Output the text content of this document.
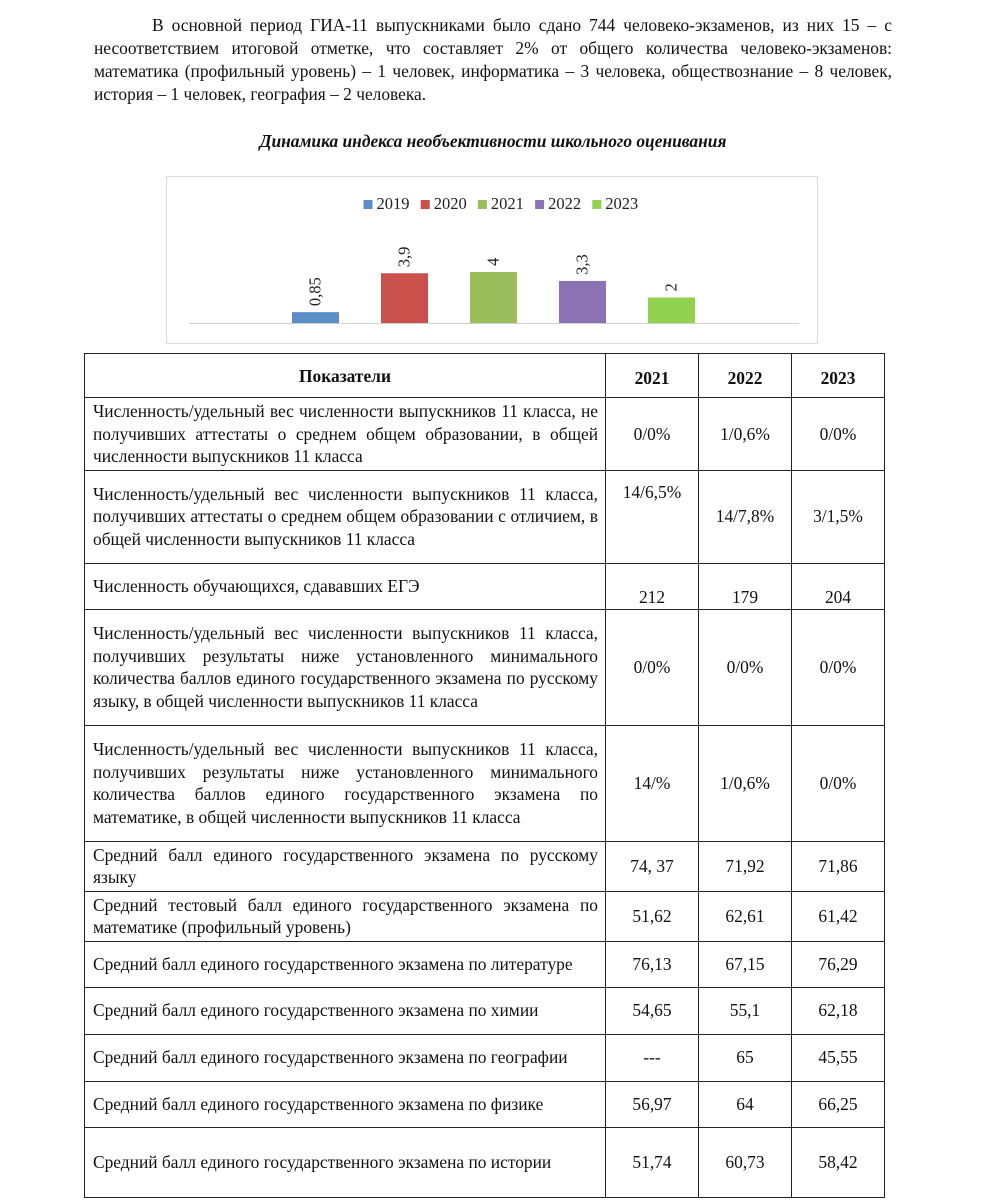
В основной период ГИА-11 выпускниками было сдано 744 человеко-экзаменов, из них 15 – с несоответствием итоговой отметке, что составляет 2% от общего количества человеко-экзаменов: математика (профильный уровень) – 1 человек, информатика – 3 человека, обществознание – 8 человек, история – 1 человек, география – 2 человека.

Динамика индекса необъективности школьного оценивания
2019 2020 2021 2022 2023
0,85
3,9	4	3,3
2
Показатели	2021	2022	2023
Численность/удельный вес численности выпускников 11 класса, не получивших аттестаты о среднем общем образовании, в общей численности выпускников 11 класса	0/0%	1/0,6%	0/0%
Численность/удельный вес численности выпускников 11 класса, получивших аттестаты о среднем общем образовании с отличием, в общей численности выпускников 11 класса	14/6,5%	14/7,8%	3/1,5%
Численность обучающихся, сдававших ЕГЭ	212	179	204
Численность/удельный вес численности выпускников 11 класса, получивших результаты ниже установленного минимального количества баллов единого государственного экзамена по русскому языку, в общей численности выпускников 11 класса	0/0%	0/0%	0/0%
Численность/удельный вес численности выпускников 11 класса, получивших результаты ниже установленного минимального количества баллов единого государственного экзамена по математике, в общей численности выпускников 11 класса	14/%	1/0,6%	0/0%
Средний балл единого государственного экзамена по русскому языку	74, 37	71,92	71,86
Средний тестовый балл единого государственного экзамена по математике (профильный уровень)	51,62	62,61	61,42
Средний балл единого государственного экзамена по литературе	76,13	67,15	76,29
Средний балл единого государственного экзамена по химии	54,65	55,1	62,18
Средний балл единого государственного экзамена по географии	---	65	45,55
Средний балл единого государственного экзамена по физике	56,97	64	66,25
Средний балл единого государственного экзамена по истории	51,74	60,73	58,42
